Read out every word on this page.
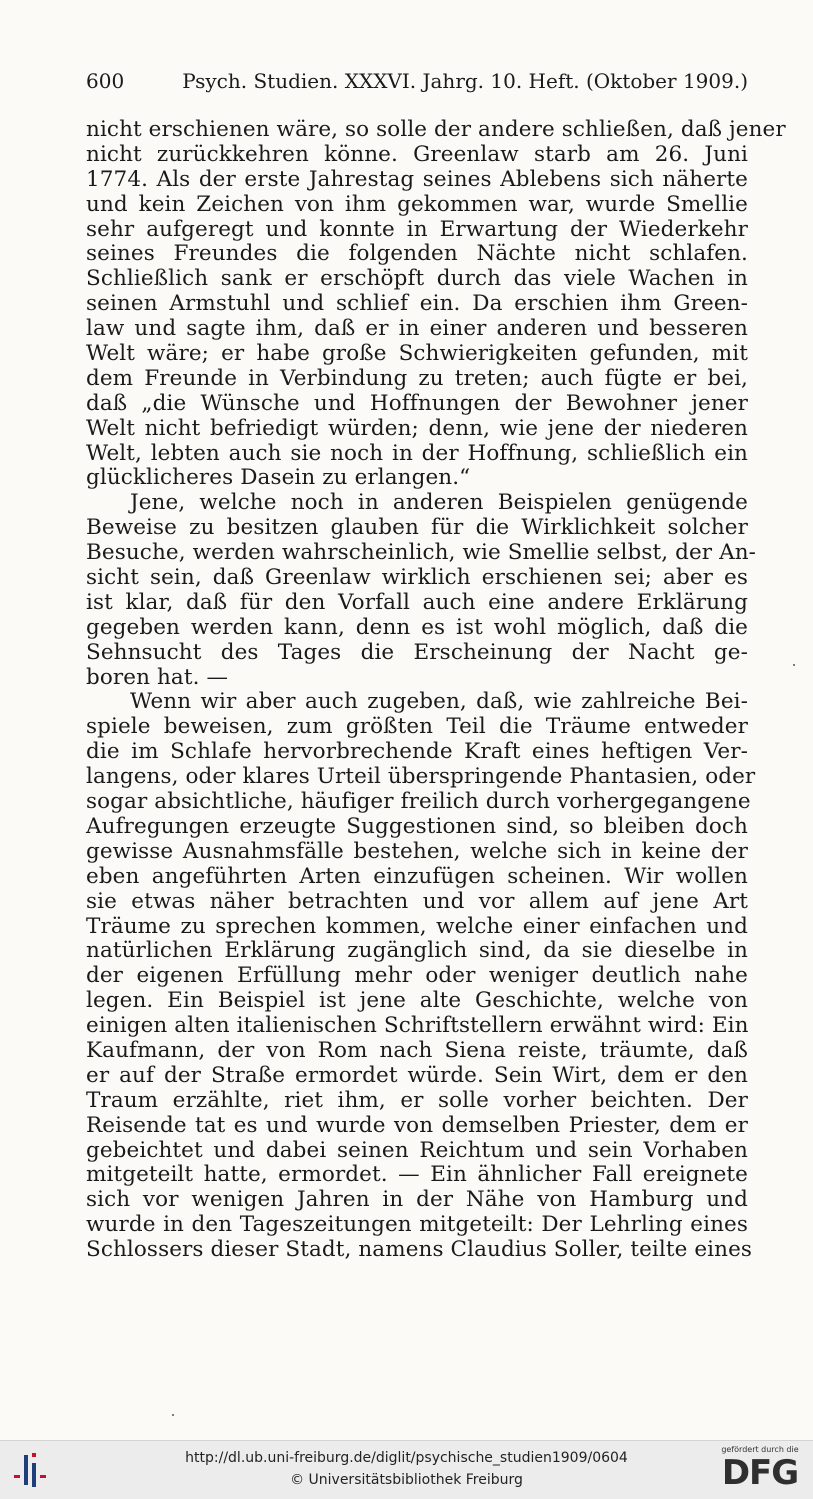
600	Psych. Studien. XXXVI. Jahrg. 10. Heft. (Oktober 1909.)
nicht erschienen wäre, so solle der andere schließen, daß jener
nicht zurückkehren könne. Greenlaw starb am 26. Juni
1774. Als der erste Jahrestag seines Ablebens sich näherte
und kein Zeichen von ihm gekommen war, wurde Smellie
sehr aufgeregt und konnte in Erwartung der Wiederkehr
seines Freundes die folgenden Nächte nicht schlafen.
Schließlich sank er erschöpft durch das viele Wachen in
seinen Armstuhl und schlief ein. Da erschien ihm Green-
law und sagte ihm, daß er in einer anderen und besseren
Welt wäre; er habe große Schwierigkeiten gefunden, mit
dem Freunde in Verbindung zu treten; auch fügte er bei,
daß „die Wünsche und Hoffnungen der Bewohner jener
Welt nicht befriedigt würden; denn, wie jene der niederen
Welt, lebten auch sie noch in der Hoffnung, schließlich ein
glücklicheres Dasein zu erlangen.“
Jene, welche noch in anderen Beispielen genügende
Beweise zu besitzen glauben für die Wirklichkeit solcher
Besuche, werden wahrscheinlich, wie Smellie selbst, der An-
sicht sein, daß Greenlaw wirklich erschienen sei; aber es
ist klar, daß für den Vorfall auch eine andere Erklärung
gegeben werden kann, denn es ist wohl möglich, daß die
Sehnsucht des Tages die Erscheinung der Nacht ge-
boren hat. —
Wenn wir aber auch zugeben, daß, wie zahlreiche Bei-
spiele beweisen, zum größten Teil die Träume entweder
die im Schlafe hervorbrechende Kraft eines heftigen Ver-
langens, oder klares Urteil überspringende Phantasien, oder
sogar absichtliche, häufiger freilich durch vorhergegangene
Aufregungen erzeugte Suggestionen sind, so bleiben doch
gewisse Ausnahmsfälle bestehen, welche sich in keine der
eben angeführten Arten einzufügen scheinen. Wir wollen
sie etwas näher betrachten und vor allem auf jene Art
Träume zu sprechen kommen, welche einer einfachen und
natürlichen Erklärung zugänglich sind, da sie dieselbe in
der eigenen Erfüllung mehr oder weniger deutlich nahe
legen. Ein Beispiel ist jene alte Geschichte, welche von
einigen alten italienischen Schriftstellern erwähnt wird: Ein
Kaufmann, der von Rom nach Siena reiste, träumte, daß
er auf der Straße ermordet würde. Sein Wirt, dem er den
Traum erzählte, riet ihm, er solle vorher beichten. Der
Reisende tat es und wurde von demselben Priester, dem er
gebeichtet und dabei seinen Reichtum und sein Vorhaben
mitgeteilt hatte, ermordet. — Ein ähnlicher Fall ereignete
sich vor wenigen Jahren in der Nähe von Hamburg und
wurde in den Tageszeitungen mitgeteilt: Der Lehrling eines
Schlossers dieser Stadt, namens Claudius Soller, teilte eines
http://dl.ub.uni-freiburg.de/diglit/psychische_studien1909/0604
© Universitätsbibliothek Freiburg
gefördert durch die
DFG
